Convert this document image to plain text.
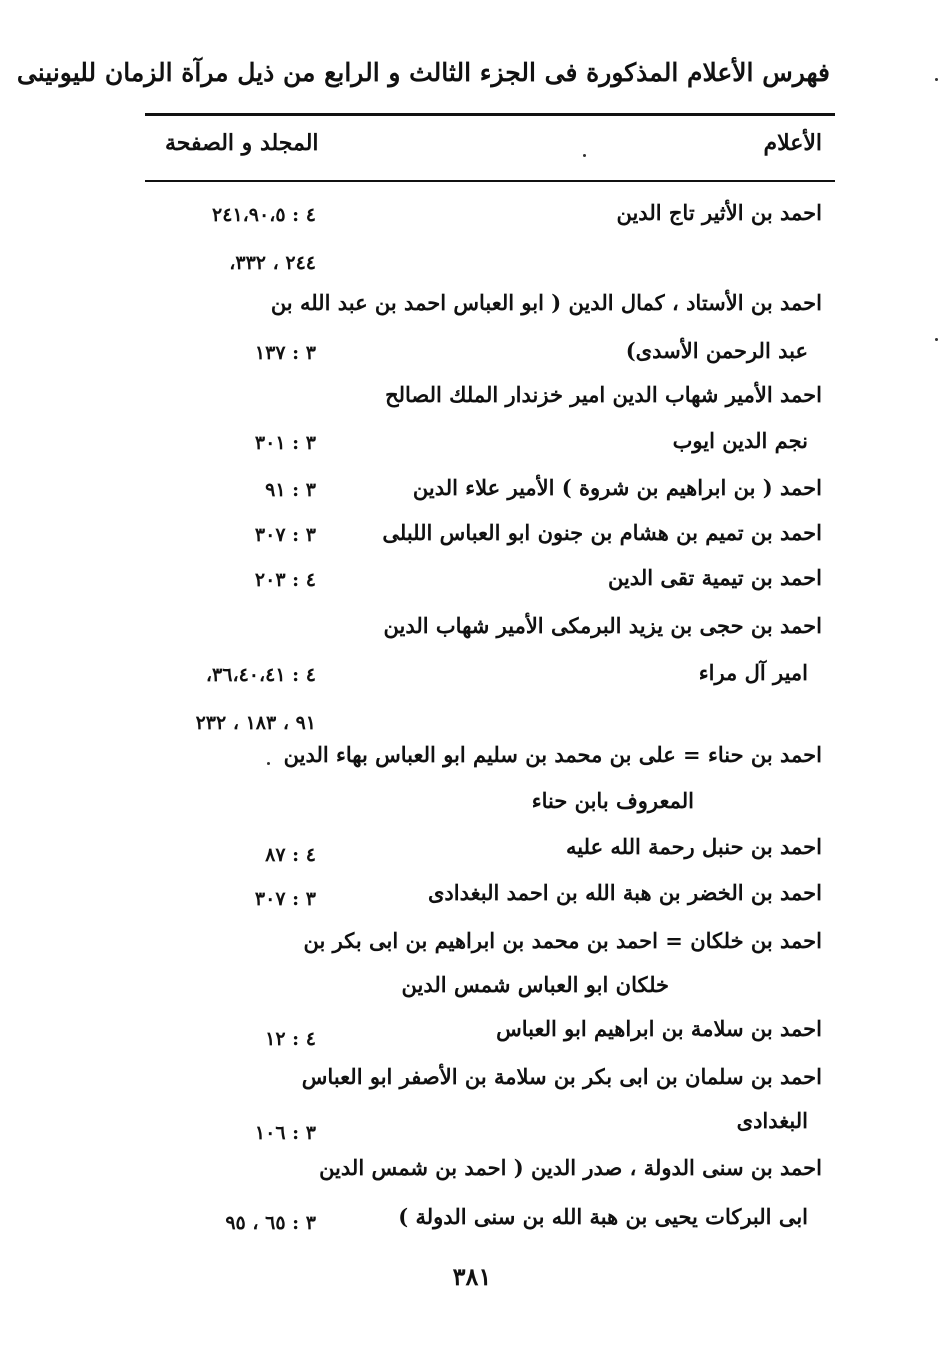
فهرس الأعلام المذكورة فى الجزء الثالث و الرابع من ذيل مرآة الزمان لليونينى
المجلد و الصفحة	الأعلام
احمد بن الأثير تاج الدين
٤ : ٢٤١،٩٠،٥
٢٤٤ ، ٣٣٢،
احمد بن الأستاد ، كمال الدين ( ابو العباس احمد بن عبد الله بن
عبد الرحمن الأسدى)
٣ : ١٣٧
احمد الأمير شهاب الدين امير خزندار الملك الصالح
نجم الدين ايوب
٣ : ٣٠١
احمد ( بن ابراهيم بن شروة ) الأمير علاء الدين
٣ : ٩١
احمد بن تميم بن هشام بن جنون ابو العباس اللبلى
٣ : ٣٠٧
احمد بن تيمية تقى الدين
٤ : ٢٠٣
احمد بن حجى بن يزيد البرمكى الأمير شهاب الدين
امير آل مراء
٤ : ٣٦،٤٠،٤١،
٩١ ، ١٨٣ ، ٢٣٢
احمد بن حناء = على بن محمد بن سليم ابو العباس بهاء الدين
المعروف بابن حناء
احمد بن حنبل رحمة الله عليه
٤ : ٨٧
احمد بن الخضر بن هبة الله بن احمد البغدادى
٣ : ٣٠٧
احمد بن خلكان = احمد بن محمد بن ابراهيم بن ابى بكر بن
خلكان ابو العباس شمس الدين
احمد بن سلامة بن ابراهيم ابو العباس
٤ : ١٢
احمد بن سلمان بن ابى بكر بن سلامة بن الأصفر ابو العباس
البغدادى
٣ : ١٠٦
احمد بن سنى الدولة ، صدر الدين ( احمد بن شمس الدين
ابى البركات يحيى بن هبة الله بن سنى الدولة )
٣ : ٦٥ ، ٩٥
٣٨١
